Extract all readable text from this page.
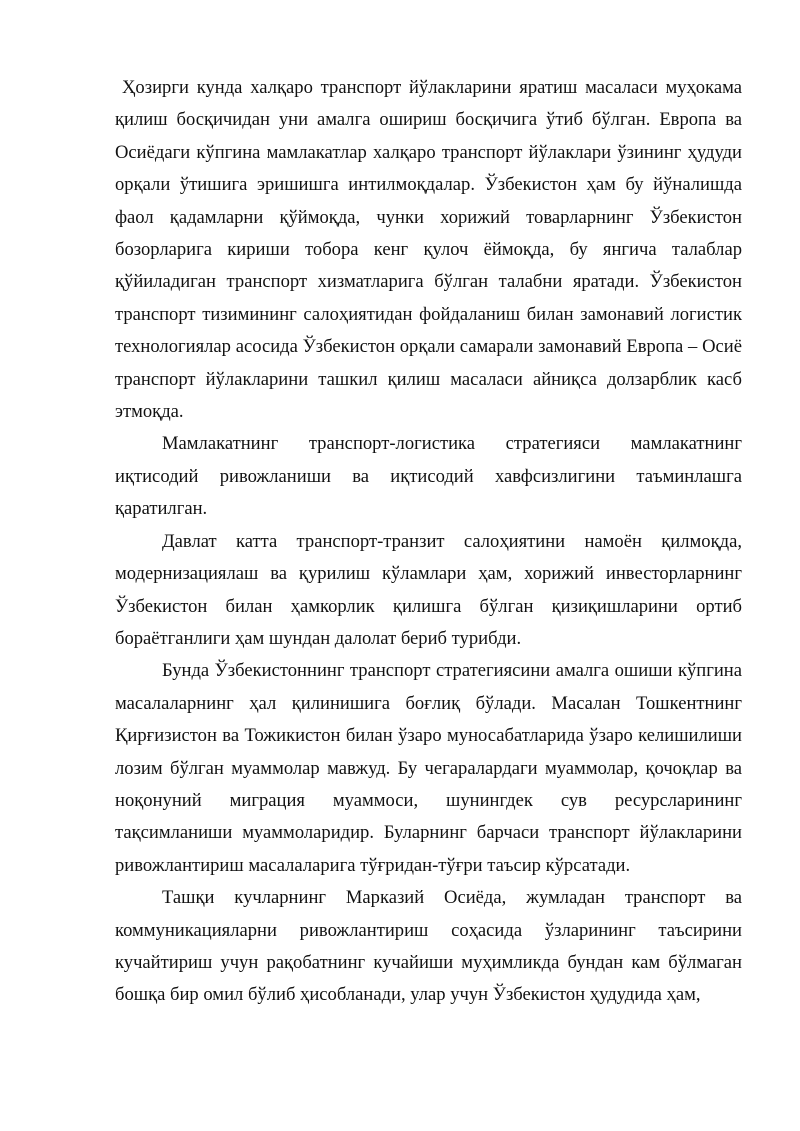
Ҳозирги кунда халқаро транспорт йўлакларини яратиш масаласи муҳокама қилиш босқичидан уни амалга ошириш босқичига ўтиб бўлган. Европа ва Осиёдаги кўпгина мамлакатлар халқаро транспорт йўлаклари ўзининг ҳудуди орқали ўтишига эришишга интилмоқдалар. Ўзбекистон ҳам бу йўналишда фаол қадамларни қўймоқда, чунки хорижий товарларнинг Ўзбекистон бозорларига кириши тобора кенг қулоч ёймоқда, бу янгича талаблар қўйиладиган транспорт хизматларига бўлган талабни яратади. Ўзбекистон транспорт тизимининг салоҳиятидан фойдаланиш билан замонавий логистик технологиялар асосида Ўзбекистон орқали самарали замонавий Европа – Осиё транспорт йўлакларини ташкил қилиш масаласи айниқса долзарблик касб этмоқда.

Мамлакатнинг транспорт-логистика стратегияси мамлакатнинг иқтисодий ривожланиши ва иқтисодий хавфсизлигини таъминлашга қаратилган.

Давлат катта транспорт-транзит салоҳиятини намоён қилмоқда, модернизациялаш ва қурилиш кўламлари ҳам, хорижий инвесторларнинг Ўзбекистон билан ҳамкорлик қилишга бўлган қизиқишларини ортиб бораётганлиги ҳам шундан далолат бериб турибди.

Бунда Ўзбекистоннинг транспорт стратегиясини амалга ошиши кўпгина масалаларнинг ҳал қилинишига боғлиқ бўлади. Масалан Тошкентнинг Қирғизистон ва Тожикистон билан ўзаро муносабатларида ўзаро келишилиши лозим бўлган муаммолар мавжуд. Бу чегаралардаги муаммолар, қочоқлар ва ноқонуний миграция муаммоси, шунингдек сув ресурсларининг тақсимланиши муаммоларидир. Буларнинг барчаси транспорт йўлакларини ривожлантириш масалаларига тўғридан-тўғри таъсир кўрсатади.

Ташқи кучларнинг Марказий Осиёда, жумладан транспорт ва коммуникацияларни ривожлантириш соҳасида ўзларининг таъсирини кучайтириш учун рақобатнинг кучайиши муҳимликда бундан кам бўлмаган бошқа бир омил бўлиб ҳисобланади, улар учун Ўзбекистон ҳудудида ҳам,
